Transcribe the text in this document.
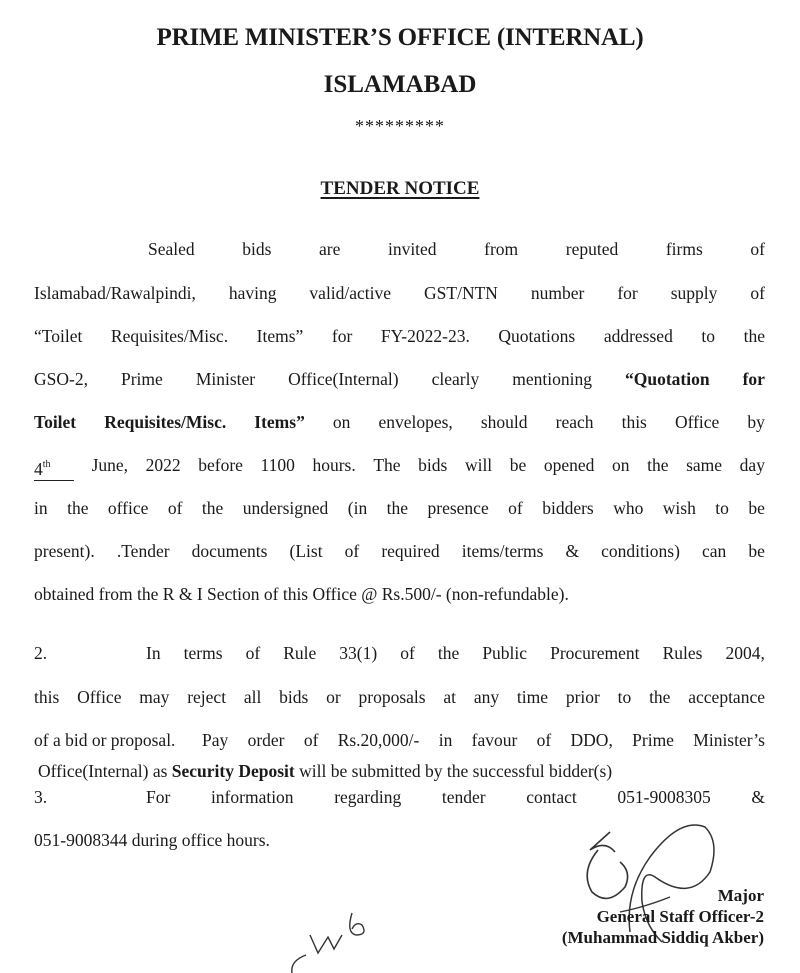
PRIME MINISTER’S OFFICE (INTERNAL)
ISLAMABAD
*********
TENDER NOTICE
Sealed	bids	are	invited	from	reputed	firms	of
Islamabad/Rawalpindi, having valid/active GST/NTN number for supply of
“Toilet Requisites/Misc. Items” for FY-2022-23. Quotations addressed to the
GSO-2, Prime Minister Office(Internal) clearly mentioning “Quotation for
Toilet Requisites/Misc. Items” on envelopes, should reach this Office by
4th	June, 2022 before 1100 hours. The bids will be opened on the same day
in the office of the undersigned (in the presence of bidders who wish to be
present). .Tender documents (List of required items/terms & conditions) can be
obtained from the R & I Section of this Office @ Rs.500/- (non-refundable).
2.	In terms of Rule 33(1) of the Public Procurement Rules 2004,
this Office may reject all bids or proposals at any time prior to the acceptance
of a bid or proposal. Pay order of Rs.20,000/- in favour of DDO, Prime Minister’s
Office(Internal) as Security Deposit will be submitted by the successful bidder(s)
3.	For information regarding tender contact 051-9008305 &
051-9008344 during office hours.
Major
General Staff Officer-2
(Muhammad Siddiq Akber)
